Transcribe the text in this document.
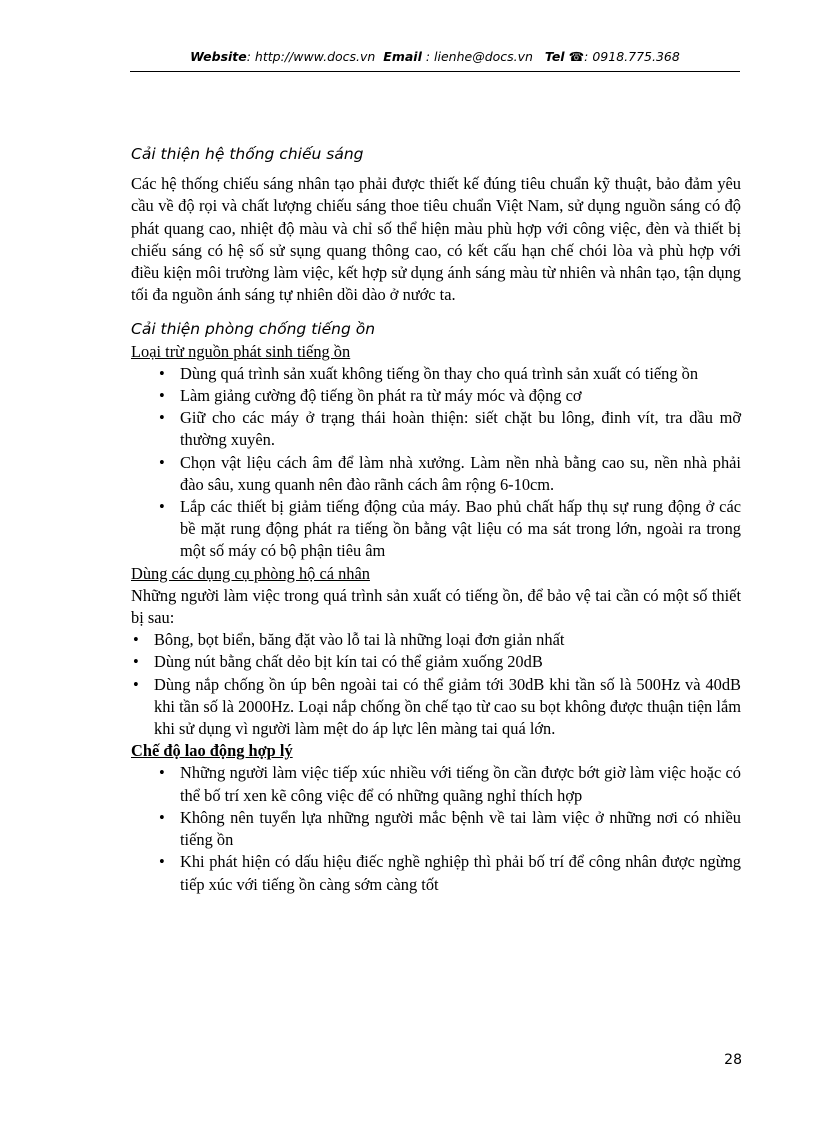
Website: http://www.docs.vn Email : lienhe@docs.vn Tel ☎: 0918.775.368

Cải thiện hệ thống chiếu sáng

Các hệ thống chiếu sáng nhân tạo phải được thiết kế đúng tiêu chuẩn kỹ thuật, bảo đảm yêu cầu về độ rọi và chất lượng chiếu sáng thoe tiêu chuẩn Việt Nam, sử dụng nguồn sáng có độ phát quang cao, nhiệt độ màu và chỉ số thể hiện màu phù hợp với công việc, đèn và thiết bị chiếu sáng có hệ số sử sụng quang thông cao, có kết cấu hạn chế chói lòa và phù hợp với điều kiện môi trường làm việc, kết hợp sử dụng ánh sáng màu từ nhiên và nhân tạo, tận dụng tối đa nguồn ánh sáng tự nhiên dồi dào ở nước ta.

Cải thiện phòng chống tiếng ồn

Loại trừ nguồn phát sinh tiếng ồn

• Dùng quá trình sản xuất không tiếng ồn thay cho quá trình sản xuất có tiếng ồn
• Làm giảng cường độ tiếng ồn phát ra từ máy móc và động cơ
• Giữ cho các máy ở trạng thái hoàn thiện: siết chặt bu lông, đinh vít, tra dầu mỡ thường xuyên.
• Chọn vật liệu cách âm để làm nhà xưởng. Làm nền nhà bằng cao su, nền nhà phải đào sâu, xung quanh nên đào rãnh cách âm rộng 6-10cm.
• Lắp các thiết bị giảm tiếng động của máy. Bao phủ chất hấp thụ sự rung động ở các bề mặt rung động phát ra tiếng ồn bằng vật liệu có ma sát trong lớn, ngoài ra trong một số máy có bộ phận tiêu âm

Dùng các dụng cụ phòng hộ cá nhân

Những người làm việc trong quá trình sản xuất có tiếng ồn, để bảo vệ tai cần có một số thiết bị sau:

• Bông, bọt biển, băng đặt vào lỗ tai là những loại đơn giản nhất
• Dùng nút bằng chất dẻo bịt kín tai có thể giảm xuống 20dB
• Dùng nắp chống ồn úp bên ngoài tai có thể giảm tới 30dB khi tần số là 500Hz và 40dB khi tần số là 2000Hz. Loại nắp chống ồn chế tạo từ cao su bọt không được thuận tiện lắm khi sử dụng vì người làm mệt do áp lực lên màng tai quá lớn.

Chế độ lao động hợp lý

• Những người làm việc tiếp xúc nhiều với tiếng ồn cần được bớt giờ làm việc hoặc có thể bố trí xen kẽ công việc để có những quãng nghỉ thích hợp
• Không nên tuyển lựa những người mắc bệnh về tai làm việc ở những nơi có nhiều tiếng ồn
• Khi phát hiện có dấu hiệu điếc nghề nghiệp thì phải bố trí để công nhân được ngừng tiếp xúc với tiếng ồn càng sớm càng tốt
28
